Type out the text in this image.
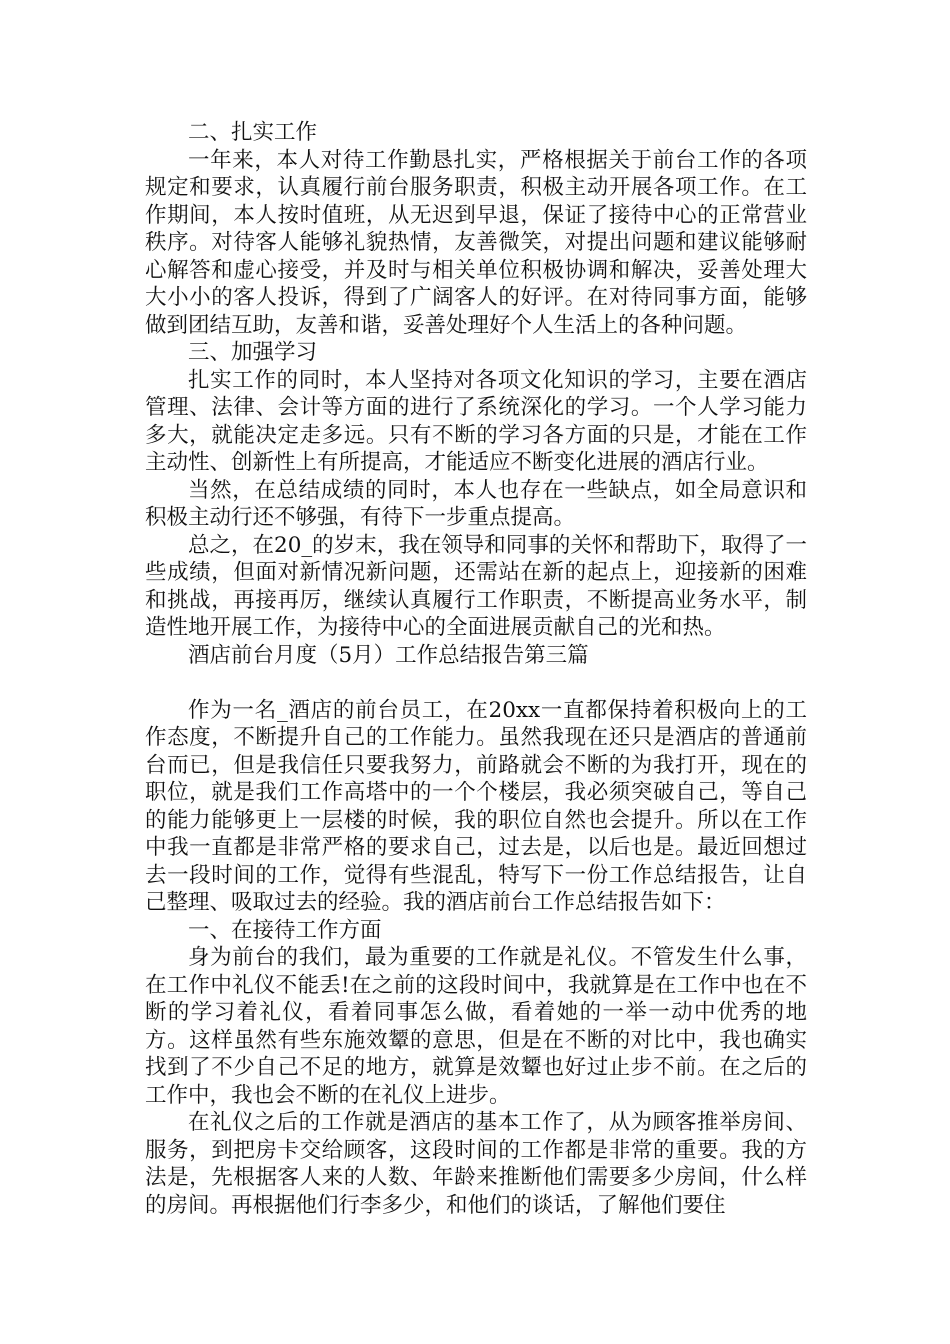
二、扎实工作

一年来，本人对待工作勤恳扎实，严格根据关于前台工作的各项规定和要求，认真履行前台服务职责，积极主动开展各项工作。在工作期间，本人按时值班，从无迟到早退，保证了接待中心的正常营业秩序。对待客人能够礼貌热情，友善微笑，对提出问题和建议能够耐心解答和虚心接受，并及时与相关单位积极协调和解决，妥善处理大大小小的客人投诉，得到了广阔客人的好评。在对待同事方面，能够做到团结互助，友善和谐，妥善处理好个人生活上的各种问题。

三、加强学习

扎实工作的同时，本人坚持对各项文化知识的学习，主要在酒店管理、法律、会计等方面的进行了系统深化的学习。一个人学习能力多大，就能决定走多远。只有不断的学习各方面的只是，才能在工作主动性、创新性上有所提高，才能适应不断变化进展的酒店行业。

当然，在总结成绩的同时，本人也存在一些缺点，如全局意识和积极主动行还不够强，有待下一步重点提高。

总之，在20_的岁末，我在领导和同事的关怀和帮助下，取得了一些成绩，但面对新情况新问题，还需站在新的起点上，迎接新的困难和挑战，再接再厉，继续认真履行工作职责，不断提高业务水平，制造性地开展工作，为接待中心的全面进展贡献自己的光和热。

酒店前台月度（5月）工作总结报告第三篇

作为一名_酒店的前台员工，在20xx一直都保持着积极向上的工作态度，不断提升自己的工作能力。虽然我现在还只是酒店的普通前台而已，但是我信任只要我努力，前路就会不断的为我打开，现在的职位，就是我们工作高塔中的一个个楼层，我必须突破自己，等自己的能力能够更上一层楼的时候，我的职位自然也会提升。所以在工作中我一直都是非常严格的要求自己，过去是，以后也是。最近回想过去一段时间的工作，觉得有些混乱，特写下一份工作总结报告，让自己整理、吸取过去的经验。我的酒店前台工作总结报告如下：

一、在接待工作方面

身为前台的我们，最为重要的工作就是礼仪。不管发生什么事，在工作中礼仪不能丢!在之前的这段时间中，我就算是在工作中也在不断的学习着礼仪，看着同事怎么做，看着她的一举一动中优秀的地方。这样虽然有些东施效颦的意思，但是在不断的对比中，我也确实找到了不少自己不足的地方，就算是效颦也好过止步不前。在之后的工作中，我也会不断的在礼仪上进步。

在礼仪之后的工作就是酒店的基本工作了，从为顾客推举房间、服务，到把房卡交给顾客，这段时间的工作都是非常的重要。我的方法是，先根据客人来的人数、年龄来推断他们需要多少房间，什么样的房间。再根据他们行李多少，和他们的谈话，了解他们要住
